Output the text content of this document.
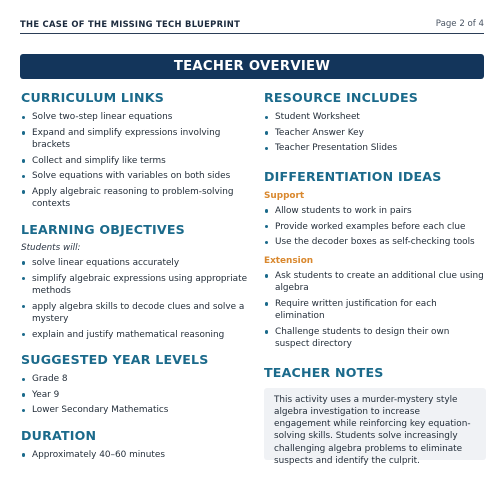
THE CASE OF THE MISSING TECH BLUEPRINT	Page 2 of 4
TEACHER OVERVIEW
CURRICULUM LINKS
Solve two-step linear equations
Expand and simplify expressions involving brackets
Collect and simplify like terms
Solve equations with variables on both sides
Apply algebraic reasoning to problem-solving contexts
LEARNING OBJECTIVES
Students will:
solve linear equations accurately
simplify algebraic expressions using appropriate methods
apply algebra skills to decode clues and solve a mystery
explain and justify mathematical reasoning
SUGGESTED YEAR LEVELS
Grade 8
Year 9
Lower Secondary Mathematics
DURATION
Approximately 40–60 minutes
RESOURCE INCLUDES
Student Worksheet
Teacher Answer Key
Teacher Presentation Slides
DIFFERENTIATION IDEAS
Support
Allow students to work in pairs
Provide worked examples before each clue
Use the decoder boxes as self-checking tools
Extension
Ask students to create an additional clue using algebra
Require written justification for each elimination
Challenge students to design their own suspect directory
TEACHER NOTES

This activity uses a murder-mystery style algebra investigation to increase engagement while reinforcing key equation-solving skills. Students solve increasingly challenging algebra problems to eliminate suspects and identify the culprit.
